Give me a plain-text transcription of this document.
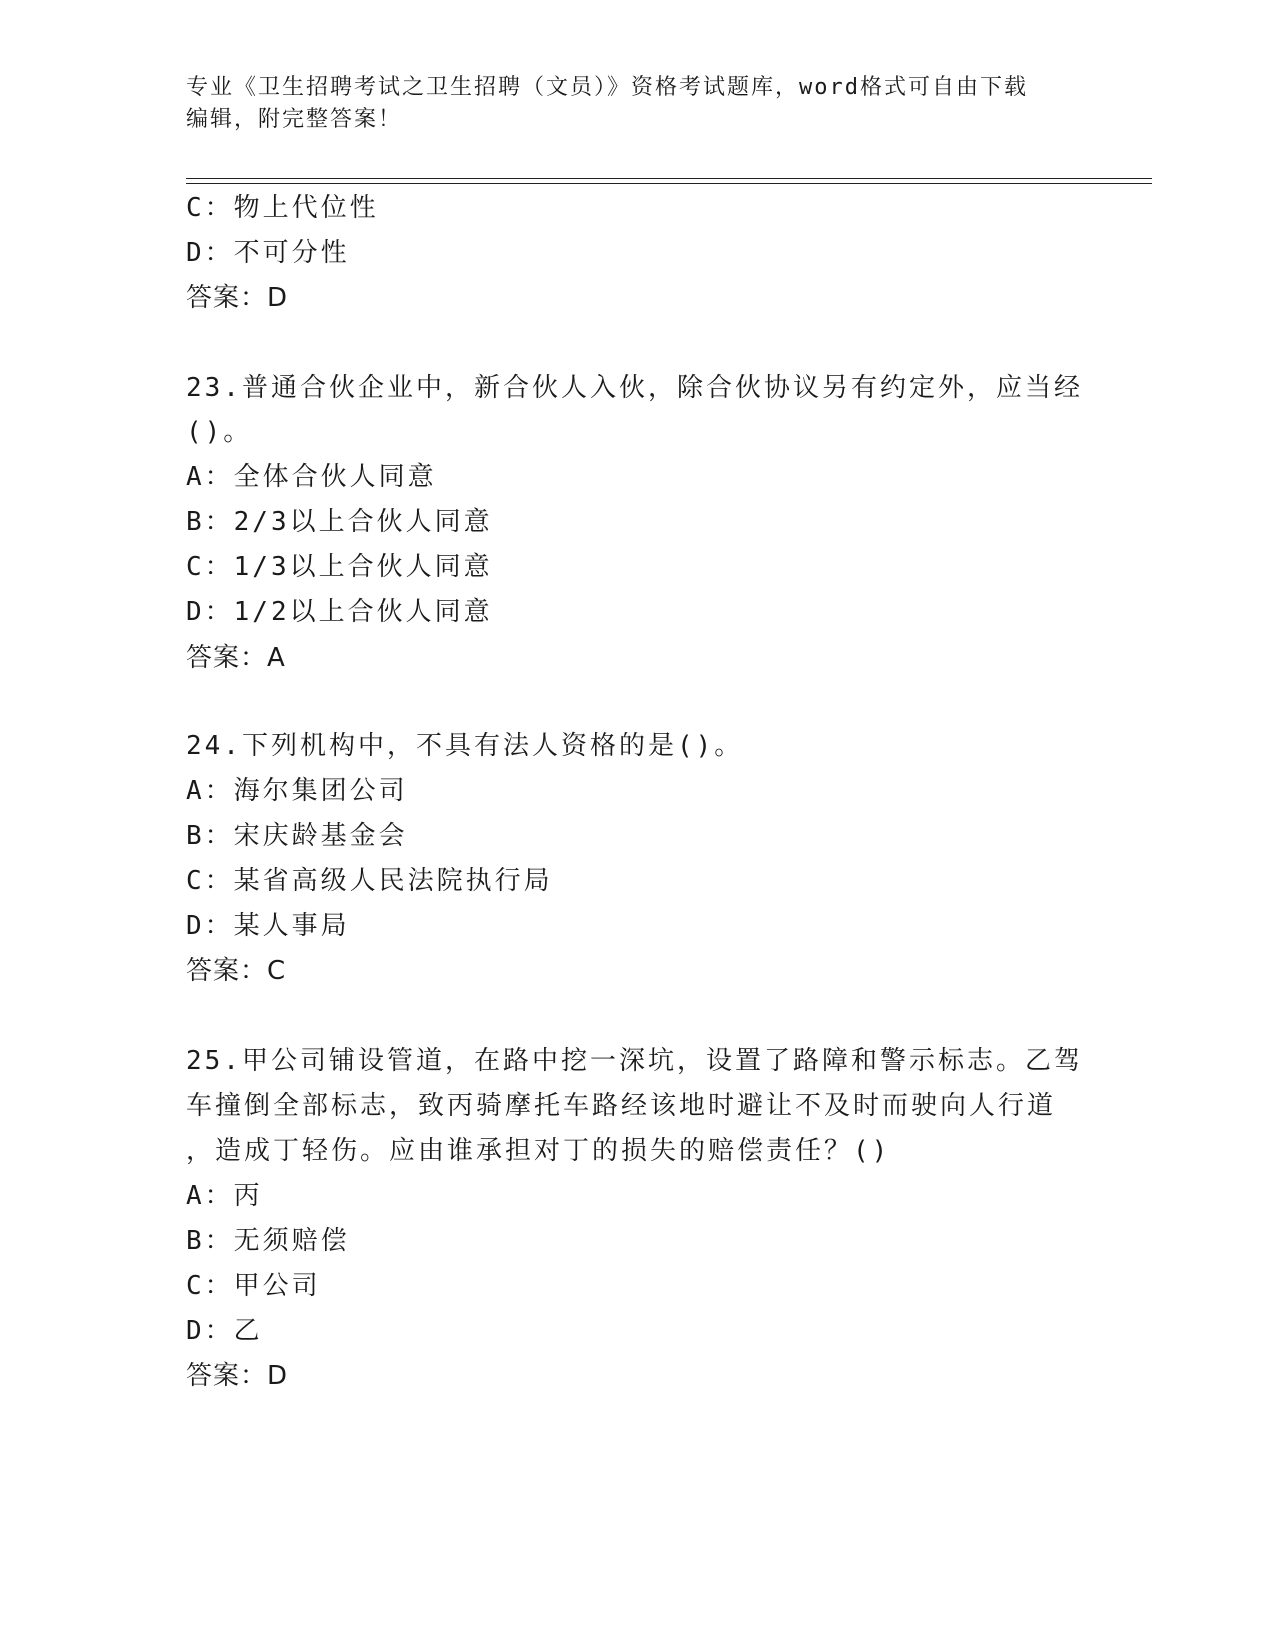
专业《卫生招聘考试之卫生招聘（文员）》资格考试题库，word格式可自由下载
编辑，附完整答案！
C：物上代位性
D：不可分性
答案：D
23.普通合伙企业中，新合伙人入伙，除合伙协议另有约定外，应当经
()。
A：全体合伙人同意
B：2/3以上合伙人同意
C：1/3以上合伙人同意
D：1/2以上合伙人同意
答案：A
24.下列机构中，不具有法人资格的是()。
A：海尔集团公司
B：宋庆龄基金会
C：某省高级人民法院执行局
D：某人事局
答案：C
25.甲公司铺设管道，在路中挖一深坑，设置了路障和警示标志。乙驾
车撞倒全部标志，致丙骑摩托车路经该地时避让不及时而驶向人行道
，造成丁轻伤。应由谁承担对丁的损失的赔偿责任？()
A：丙
B：无须赔偿
C：甲公司
D：乙
答案：D
